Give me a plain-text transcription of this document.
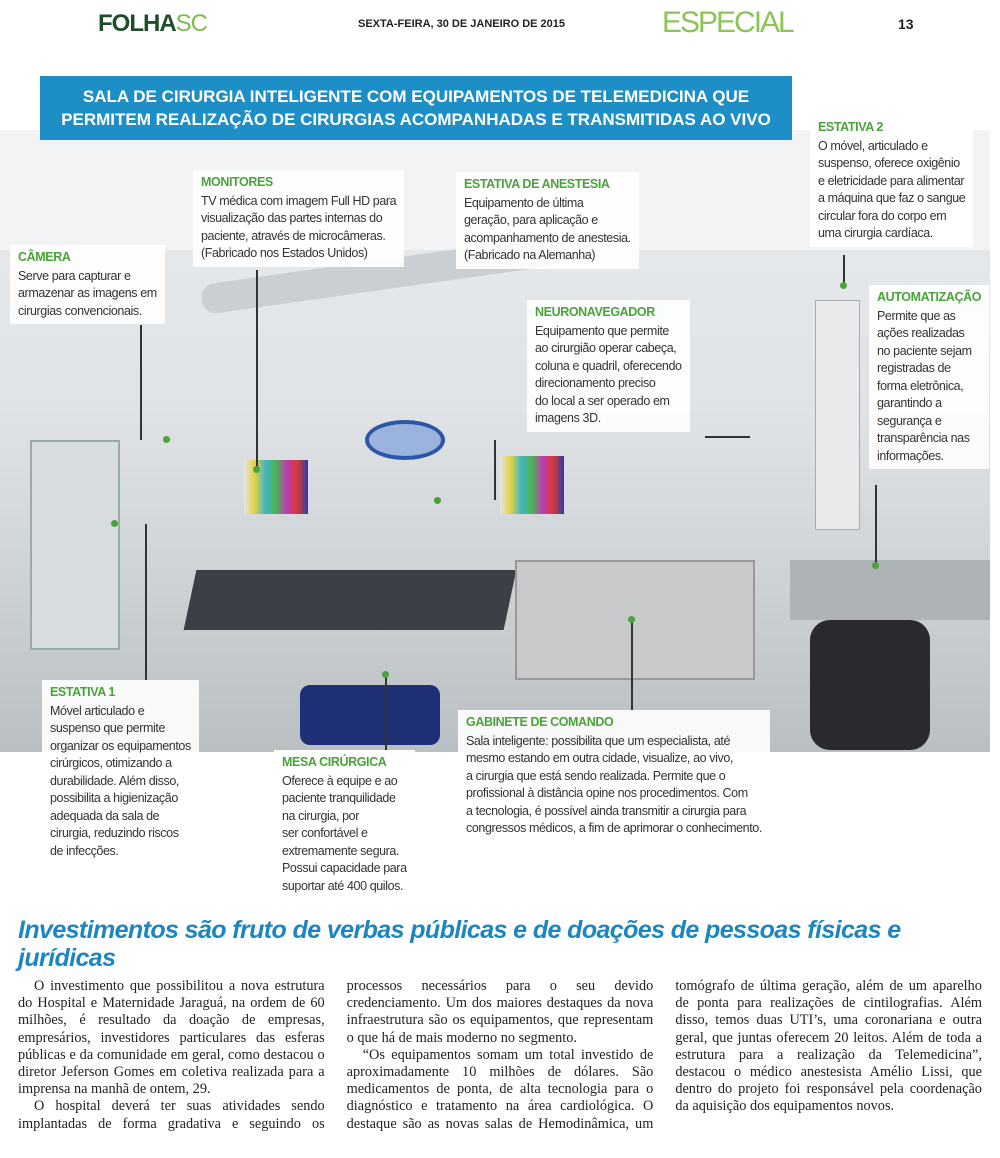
FOLHASC	SEXTA-FEIRA, 30 DE JANEIRO DE 2015	ESPECIAL	13
SALA DE CIRURGIA INTELIGENTE COM EQUIPAMENTOS DE TELEMEDICINA QUE
PERMITEM REALIZAÇÃO DE CIRURGIAS ACOMPANHADAS E TRANSMITIDAS AO VIVO
CÂMERA
Serve para capturar e
armazenar as imagens em
cirurgias convencionais.
MONITORES
TV médica com imagem Full HD para
visualização das partes internas do
paciente, através de microcâmeras.
(Fabricado nos Estados Unidos)
ESTATIVA DE ANESTESIA
Equipamento de última
geração, para aplicação e
acompanhamento de anestesia.
(Fabricado na Alemanha)
NEURONAVEGADOR
Equipamento que permite
ao cirurgião operar cabeça,
coluna e quadril, oferecendo
direcionamento preciso
do local a ser operado em
imagens 3D.
ESTATIVA 2
O móvel, articulado e
suspenso, oferece oxigênio
e eletricidade para alimentar
a máquina que faz o sangue
circular fora do corpo em
uma cirurgia cardíaca.
AUTOMATIZAÇÃO
Permite que as
ações realizadas
no paciente sejam
registradas de
forma eletrônica,
garantindo a
segurança e
transparência nas
informações.
ESTATIVA 1
Móvel articulado e
suspenso que permite
organizar os equipamentos
cirúrgicos, otimizando a
durabilidade. Além disso,
possibilita a higienização
adequada da sala de
cirurgia, reduzindo riscos
de infecções.
MESA CIRÚRGICA
Oferece à equipe e ao
paciente tranquilidade
na cirurgia, por
ser confortável e
extremamente segura.
Possui capacidade para
suportar até 400 quilos.
GABINETE DE COMANDO
Sala inteligente: possibilita que um especialista, até
mesmo estando em outra cidade, visualize, ao vivo,
a cirurgia que está sendo realizada. Permite que o
profissional à distância opine nos procedimentos. Com
a tecnologia, é possível ainda transmitir a cirurgia para
congressos médicos, a fim de aprimorar o conhecimento.
Investimentos são fruto de verbas públicas e de doações de pessoas físicas e jurídicas

O investimento que possibilitou a nova estrutura do Hospital e Maternidade Jaraguá, na ordem de 60 milhões, é resultado da doação de empresas, empresários, investidores particulares das esferas públicas e da comunidade em geral, como destacou o diretor Jeferson Gomes em coletiva realizada para a imprensa na manhã de ontem, 29.

O hospital deverá ter suas atividades sendo implantadas de forma gradativa e seguindo os processos necessários para o seu devido credenciamento. Um dos maiores destaques da nova infraestrutura são os equipamentos, que representam o que há de mais moderno no segmento.

“Os equipamentos somam um total investido de aproximadamente 10 milhões de dólares. São medicamentos de ponta, de alta tecnologia para o diagnóstico e tratamento na área cardiológica. O destaque são as novas salas de Hemodinâmica, um tomógrafo de última geração, além de um aparelho de ponta para realizações de cintilografias. Além disso, temos duas UTI’s, uma coronariana e outra geral, que juntas oferecem 20 leitos. Além de toda a estrutura para a realização da Telemedicina”, destacou o médico anestesista Amélio Lissi, que dentro do projeto foi responsável pela coordenação da aquisição dos equipamentos novos.
